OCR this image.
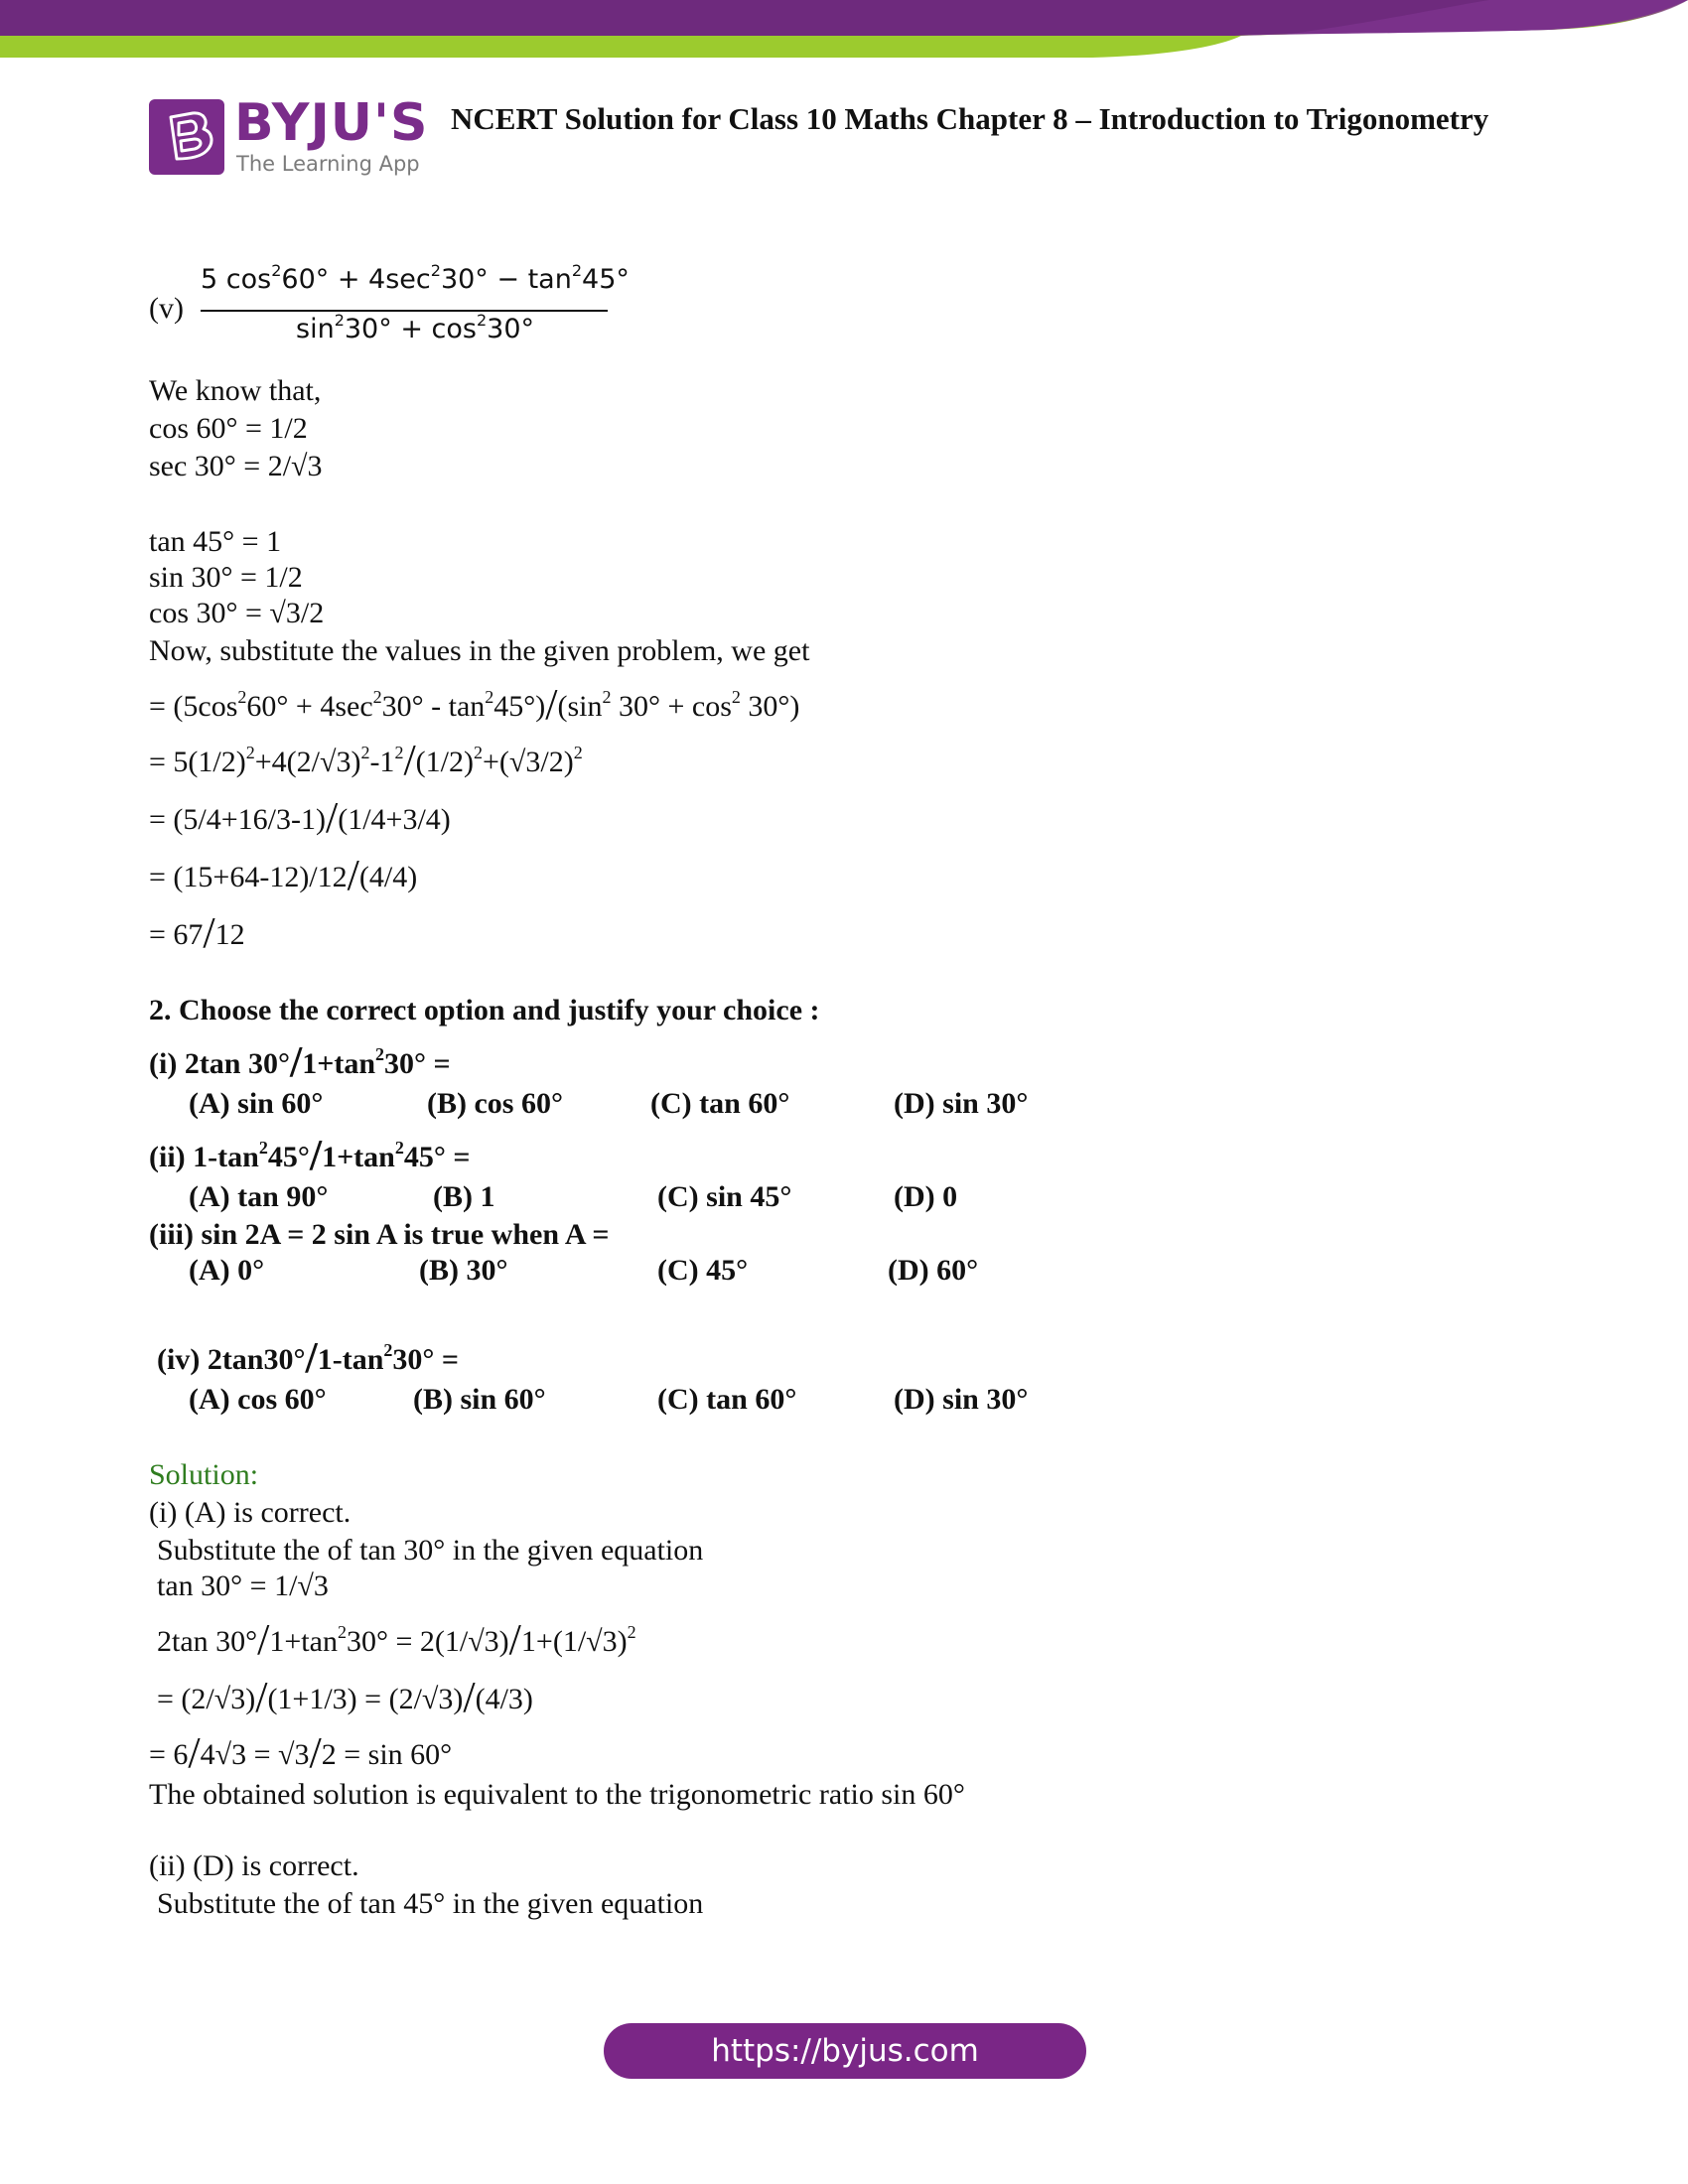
BYJU'S
The Learning App
NCERT Solution for Class 10 Maths Chapter 8 – Introduction to Trigonometry
(v)
5 $\cos^260^\circ + 4\sec^230^\circ - \tan^245^\circ$
$\sin^230^\circ + \cos^230^\circ$
We know that,
cos 60° = 1/2
sec 30° = 2/√3
tan 45° = 1
sin 30° = 1/2
cos 30° = √3/2
Now, substitute the values in the given problem, we get
= $(5\cos^260^\circ + 4\sec^230^\circ - \tan^245^\circ)/(\sin^2$ $30^\circ + \cos^2 30^\circ$)
= $5(1/2)^2+4(2/√3)^2-1^2/(1/2)^2+(√3/2)^2$
= (5/4+16/3-1)/(1/4+3/4)
= (15+64-12)/12/(4/4)
= 67/12
2. Choose the correct option and justify your choice :
(i) 2tan $30^\circ/1+\tan^230^\circ$ =
(A) sin 60°	(B) cos 60°	(C) tan 60°	(D) sin 30°
(ii) $1-\tan^245^\circ/1+\tan^245^\circ$ =
(A) tan 90°	(B) 1	(C) sin 45°	(D) 0
(iii) sin 2A = 2 sin A is true when A =
(A) 0°	(B) 30°	(C) 45°	(D) 60°
(iv) $2\tan 30^\circ/1-\tan^230^\circ$ =
(A) cos 60°	(B) sin 60°	(C) tan 60°	(D) sin 30°
Solution:
(i) (A) is correct.
Substitute the of tan 30° in the given equation
tan 30° = 1/√3
2tan $30^\circ/1+\tan^230^\circ = 2(1/√3)/1+(1/√3)^2$
= (2/√3)/(1+1/3) = (2/√3)/(4/3)
= 6/4√3 = √3/2 = sin 60°
The obtained solution is equivalent to the trigonometric ratio sin 60°
(ii) (D) is correct.
Substitute the of tan 45° in the given equation
https://byjus.com
